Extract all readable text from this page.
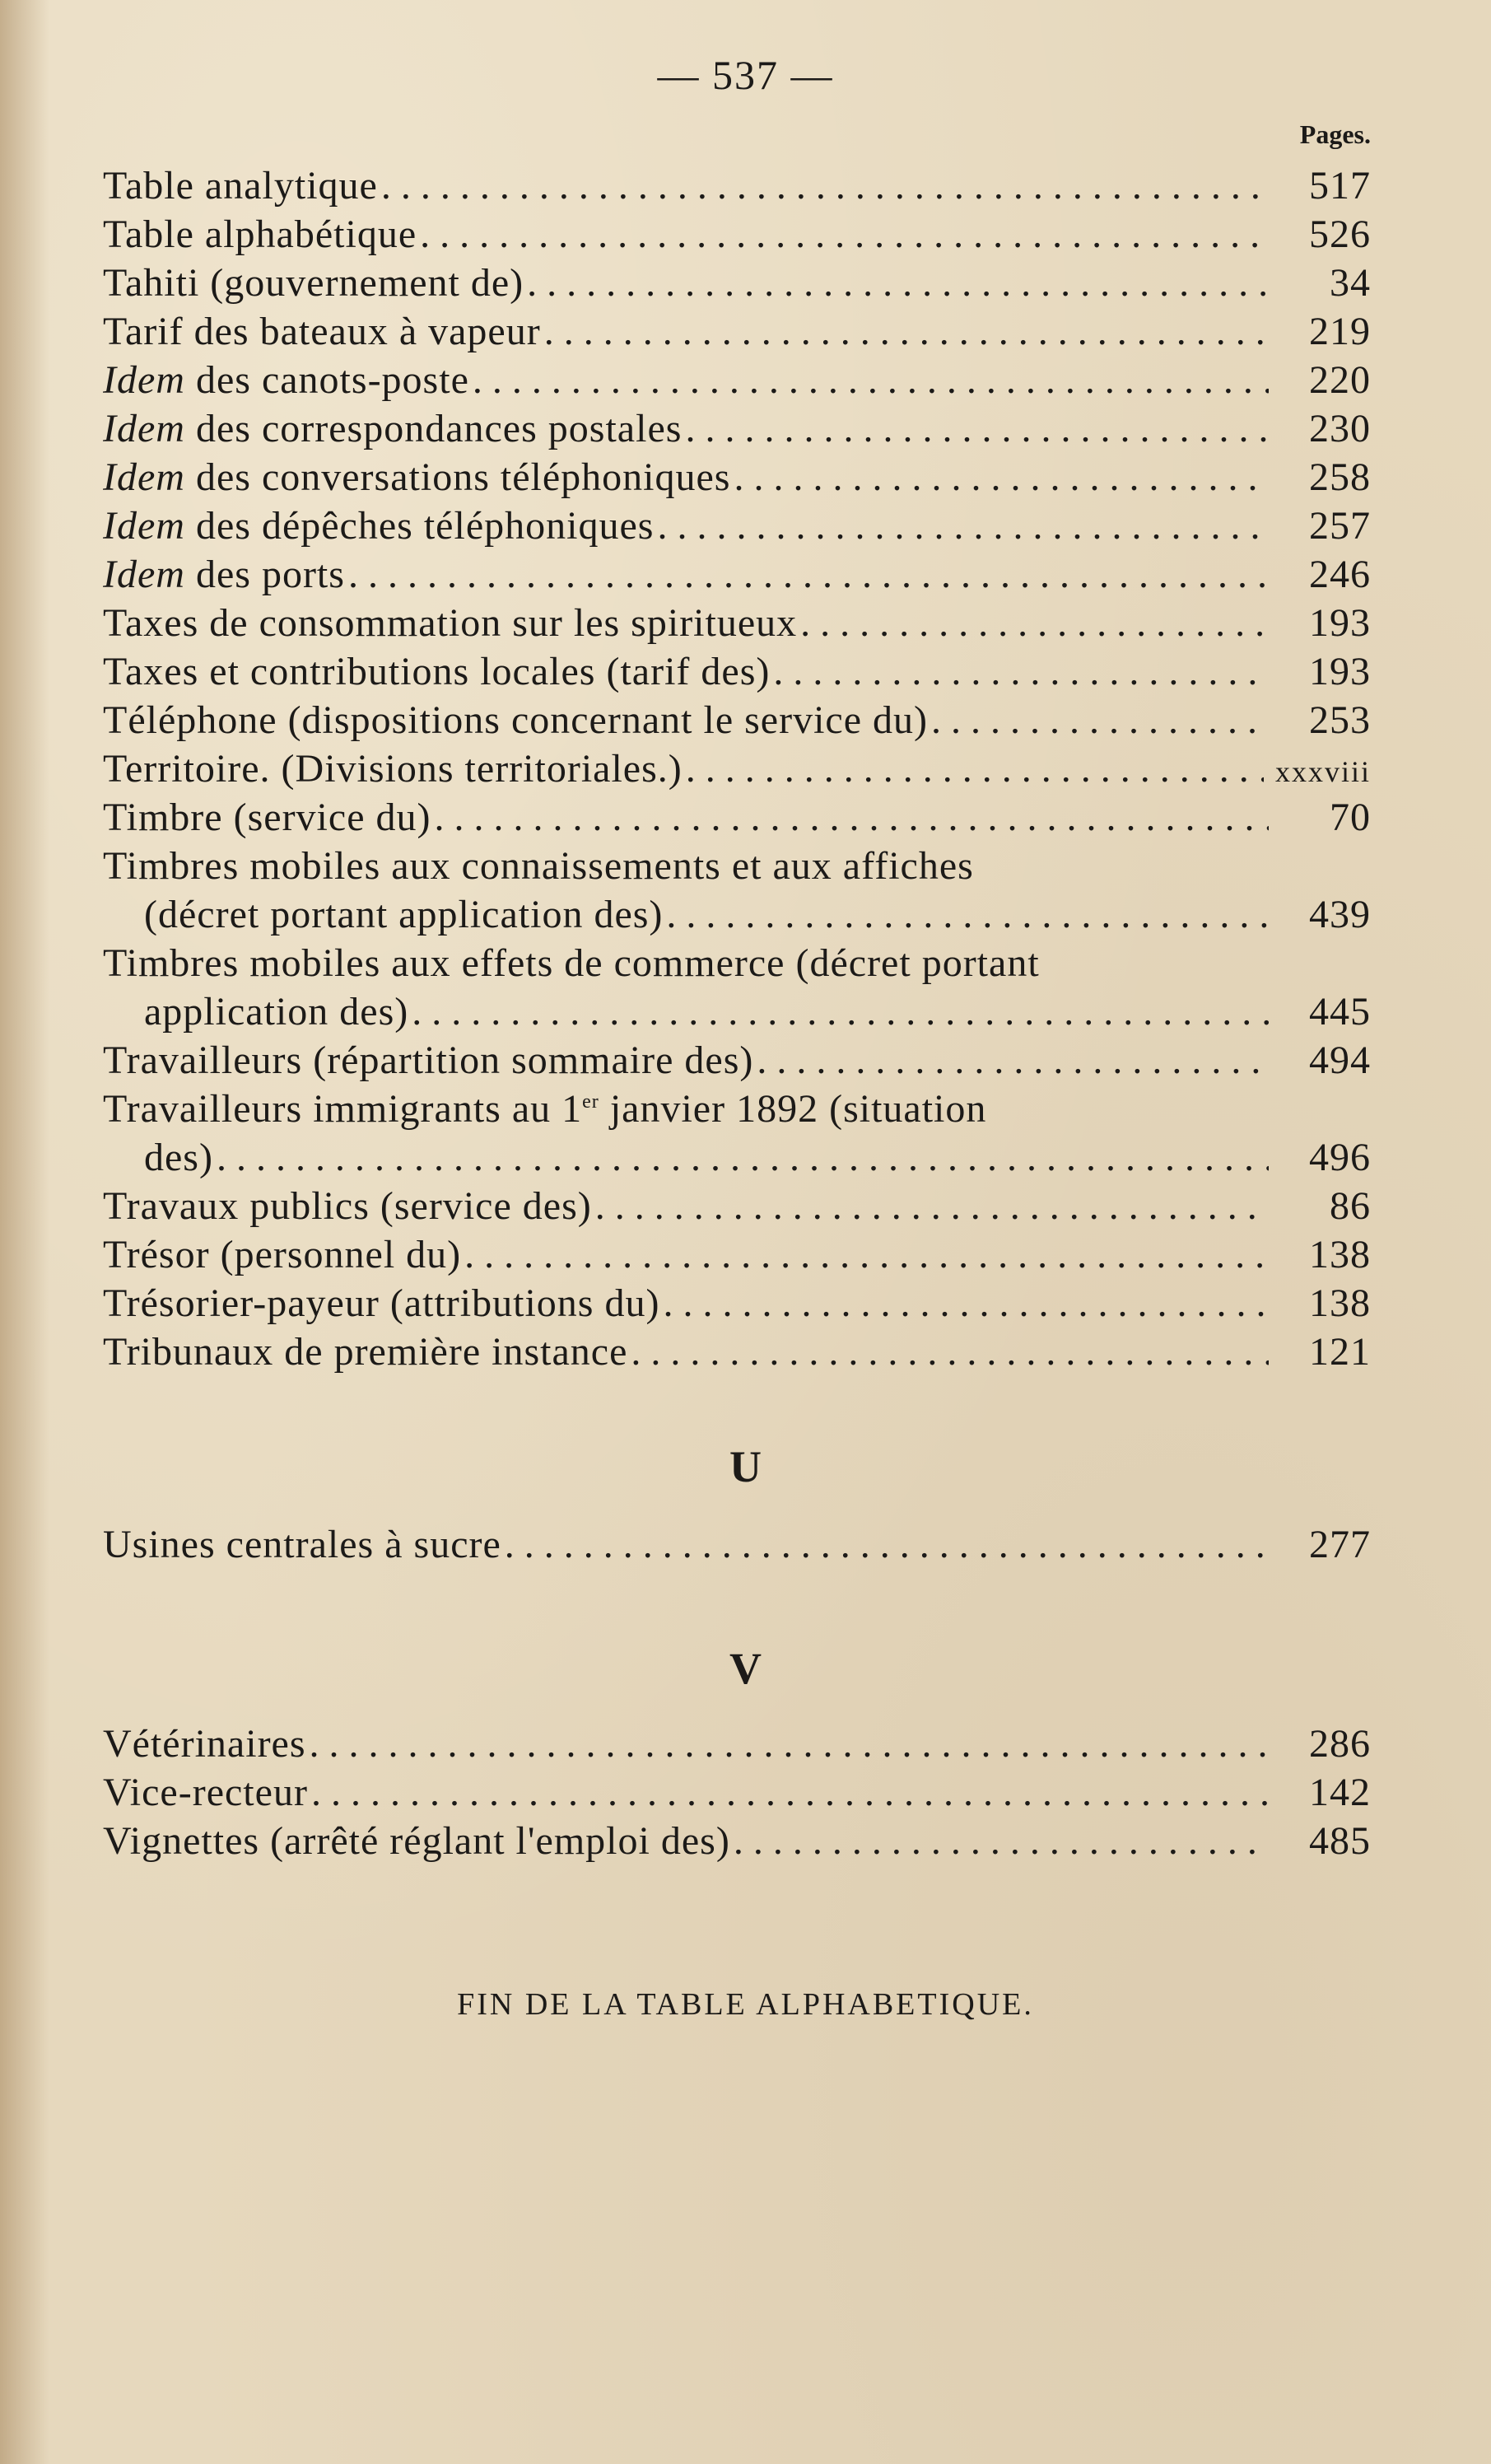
— 537 —
Pages.
Table analytique . . .	517
Table alphabétique . . .	526
Tahiti (gouvernement de) . . .	34
Tarif des bateaux à vapeur . . .	219
Idem des canots-poste . . .	220
Idem des correspondances postales . . .	230
Idem des conversations téléphoniques . . .	258
Idem des dépêches téléphoniques . . .	257
Idem des ports . . .	246
Taxes de consommation sur les spiritueux . . .	193
Taxes et contributions locales (tarif des) . . .	193
Téléphone (dispositions concernant le service du) . . .	253
Territoire. (Divisions territoriales.) . . .	xxxviii
Timbre (service du) . . .	70
Timbres mobiles aux connaissements et aux affiches
(décret portant application des) . . .	439
Timbres mobiles aux effets de commerce (décret portant
application des) . . .	445
Travailleurs (répartition sommaire des) . . .	494
Travailleurs immigrants au 1er janvier 1892 (situation
des) . . .	496
Travaux publics (service des) . . .	86
Trésor (personnel du) . . .	138
Trésorier-payeur (attributions du) . . .	138
Tribunaux de première instance . . .	121
U
Usines centrales à sucre . . .	277
V
Vétérinaires . . .	286
Vice-recteur . . .	142
Vignettes (arrêté réglant l'emploi des) . . .	485
FIN DE LA TABLE ALPHABETIQUE.
